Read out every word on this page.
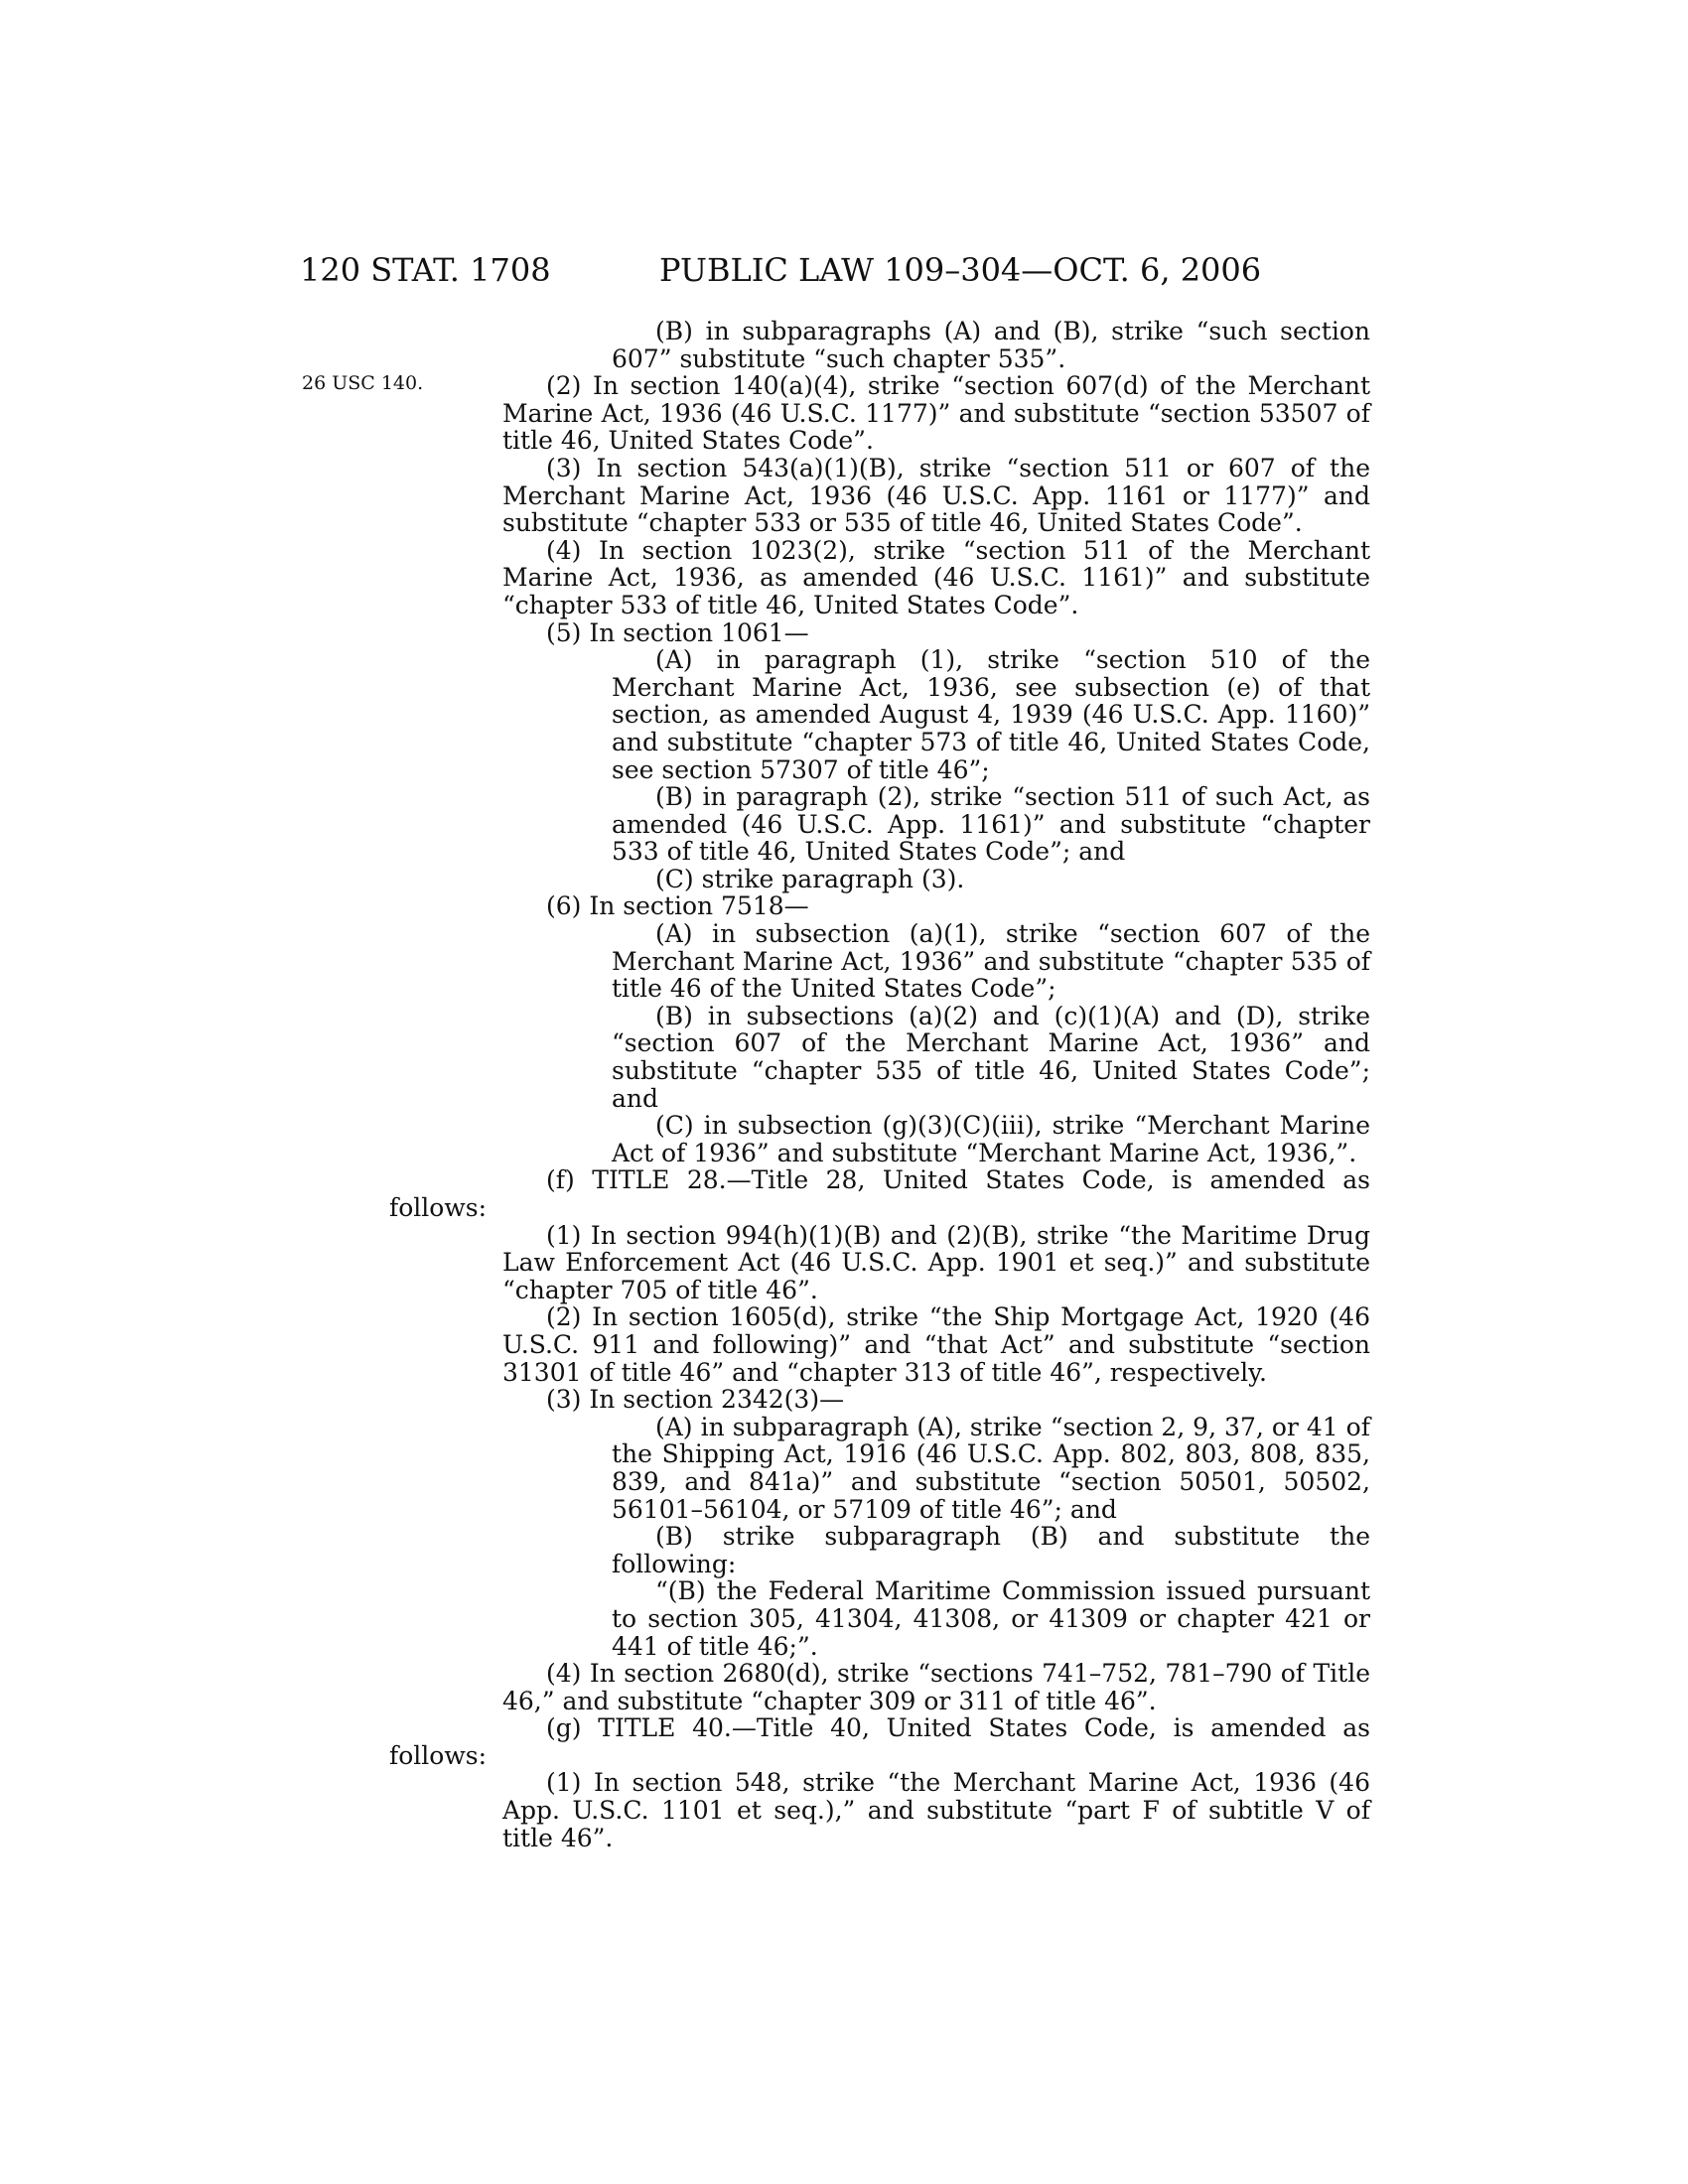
120 STAT. 1708	PUBLIC LAW 109–304—OCT. 6, 2006
26 USC 140.

(B) in subparagraphs (A) and (B), strike “such section 607” substitute “such chapter 535”.

(2) In section 140(a)(4), strike “section 607(d) of the Merchant Marine Act, 1936 (46 U.S.C. 1177)” and substitute “section 53507 of title 46, United States Code”.

(3) In section 543(a)(1)(B), strike “section 511 or 607 of the Merchant Marine Act, 1936 (46 U.S.C. App. 1161 or 1177)” and substitute “chapter 533 or 535 of title 46, United States Code”.

(4) In section 1023(2), strike “section 511 of the Merchant Marine Act, 1936, as amended (46 U.S.C. 1161)” and substitute “chapter 533 of title 46, United States Code”.

(5) In section 1061—

(A) in paragraph (1), strike “section 510 of the Merchant Marine Act, 1936, see subsection (e) of that section, as amended August 4, 1939 (46 U.S.C. App. 1160)” and substitute “chapter 573 of title 46, United States Code, see section 57307 of title 46”;

(B) in paragraph (2), strike “section 511 of such Act, as amended (46 U.S.C. App. 1161)” and substitute “chapter 533 of title 46, United States Code”; and

(C) strike paragraph (3).

(6) In section 7518—

(A) in subsection (a)(1), strike “section 607 of the Merchant Marine Act, 1936” and substitute “chapter 535 of title 46 of the United States Code”;

(B) in subsections (a)(2) and (c)(1)(A) and (D), strike “section 607 of the Merchant Marine Act, 1936” and substitute “chapter 535 of title 46, United States Code”; and

(C) in subsection (g)(3)(C)(iii), strike “Merchant Marine Act of 1936” and substitute “Merchant Marine Act, 1936,”.

(f) TITLE 28.—Title 28, United States Code, is amended as follows:

(1) In section 994(h)(1)(B) and (2)(B), strike “the Maritime Drug Law Enforcement Act (46 U.S.C. App. 1901 et seq.)” and substitute “chapter 705 of title 46”.

(2) In section 1605(d), strike “the Ship Mortgage Act, 1920 (46 U.S.C. 911 and following)” and “that Act” and substitute “section 31301 of title 46” and “chapter 313 of title 46”, respectively.

(3) In section 2342(3)—

(A) in subparagraph (A), strike “section 2, 9, 37, or 41 of the Shipping Act, 1916 (46 U.S.C. App. 802, 803, 808, 835, 839, and 841a)” and substitute “section 50501, 50502, 56101–56104, or 57109 of title 46”; and

(B) strike subparagraph (B) and substitute the following:

“(B) the Federal Maritime Commission issued pursuant to section 305, 41304, 41308, or 41309 or chapter 421 or 441 of title 46;”.

(4) In section 2680(d), strike “sections 741–752, 781–790 of Title 46,” and substitute “chapter 309 or 311 of title 46”.

(g) TITLE 40.—Title 40, United States Code, is amended as follows:

(1) In section 548, strike “the Merchant Marine Act, 1936 (46 App. U.S.C. 1101 et seq.),” and substitute “part F of subtitle V of title 46”.
